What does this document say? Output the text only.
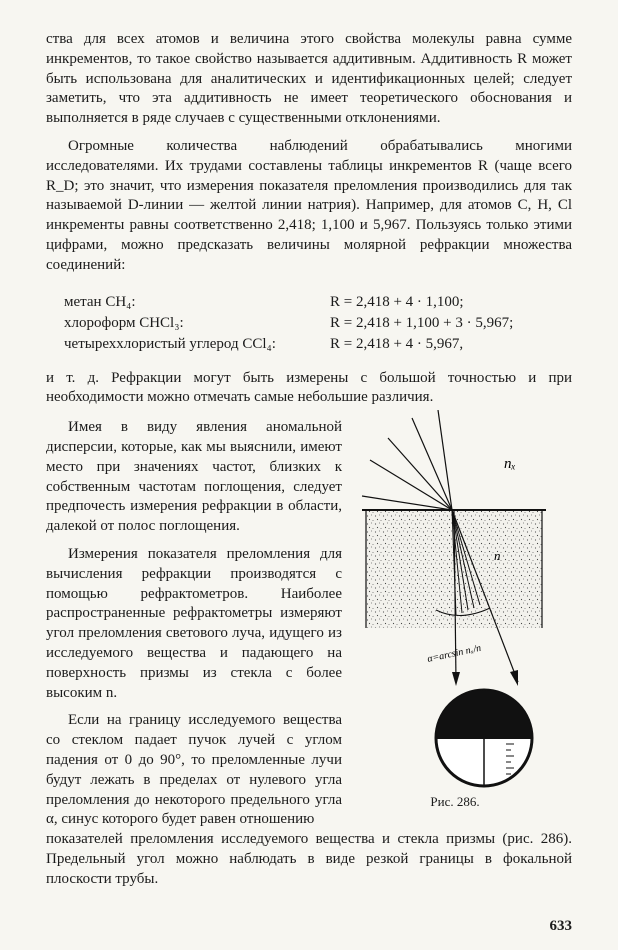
ства для всех атомов и величина этого свойства молекулы равна сумме инкрементов, то такое свойство называется аддитивным. Аддитивность R может быть использована для аналитических и идентификационных целей; следует заметить, что эта аддитивность не имеет теоретического обоснования и выполняется в ряде случаев с существенными отклонениями.

Огромные количества наблюдений обрабатывались многими исследователями. Их трудами составлены таблицы инкрементов R (чаще всего R_D; это значит, что измерения показателя преломления производились для так называемой D-линии — желтой линии натрия). Например, для атомов С, Н, Cl инкременты равны соответственно 2,418; 1,100 и 5,967. Пользуясь только этими цифрами, можно предсказать величины молярной рефракции множества соединений:

метан CH₄:	R = 2,418 + 4 · 1,100;
хлороформ CHCl₃:	R = 2,418 + 1,100 + 3 · 5,967;
четыреххлористый углерод CCl₄:	R = 2,418 + 4 · 5,967,

и т. д. Рефракции могут быть измерены с большой точностью и при необходимости можно отмечать самые небольшие различия.

Имея в виду явления аномальной дисперсии, которые, как мы выяснили, имеют место при значениях частот, близких к собственным частотам поглощения, следует предпочесть измерения рефракции в области, далекой от полос поглощения.

Измерения показателя преломления для вычисления рефракции производятся с помощью рефрактометров. Наиболее распространенные рефрактометры измеряют угол преломления светового луча, идущего из исследуемого вещества и падающего на поверхность призмы из стекла с более высоким n.

Если на границу исследуемого вещества со стеклом падает пучок лучей с углом падения от 0 до 90°, то преломленные лучи будут лежать в пределах от нулевого угла преломления до некоторого предельного угла α, синус которого будет равен отношению

nₓ
n
α=arcsin nₓ/n
Рис. 286.

показателей преломления исследуемого вещества и стекла призмы (рис. 286). Предельный угол можно наблюдать в виде резкой границы в фокальной плоскости трубы.

633
